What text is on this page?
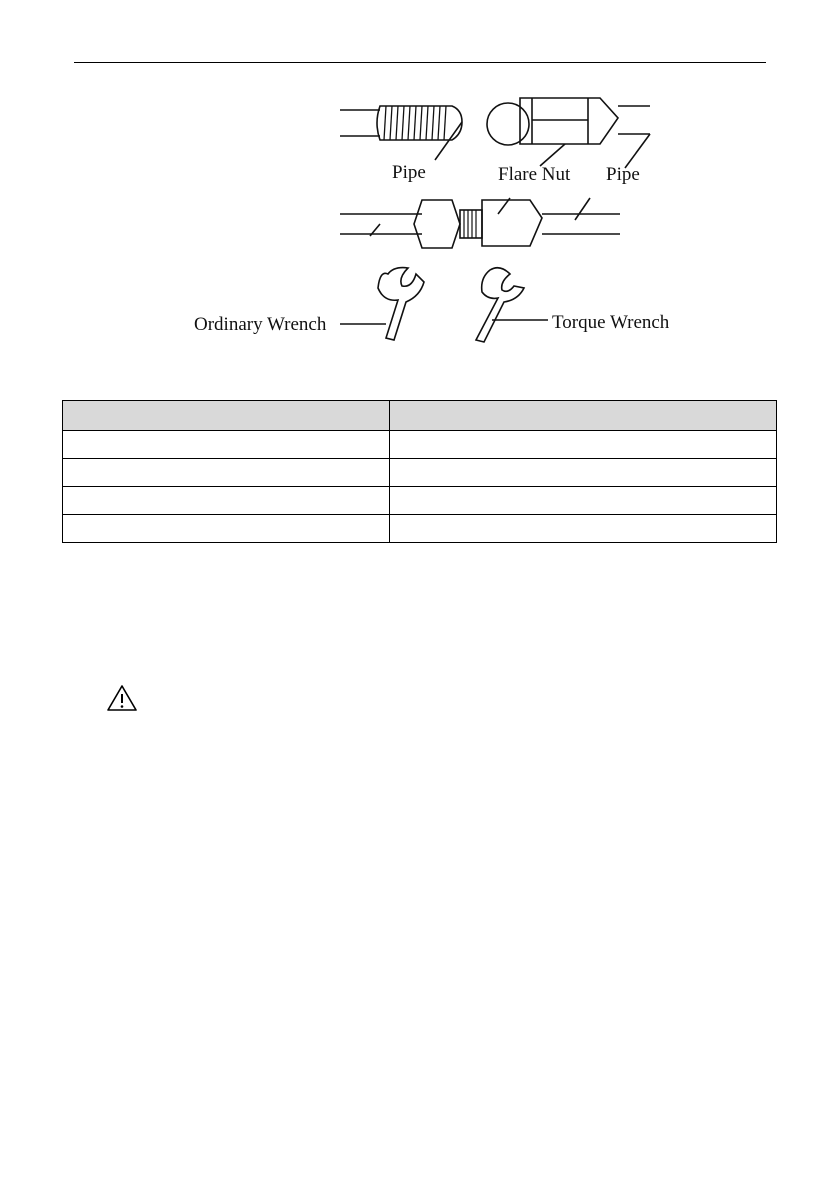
Pipe	Flare Nut Pipe
Ordinary Wrench	Torque Wrench
